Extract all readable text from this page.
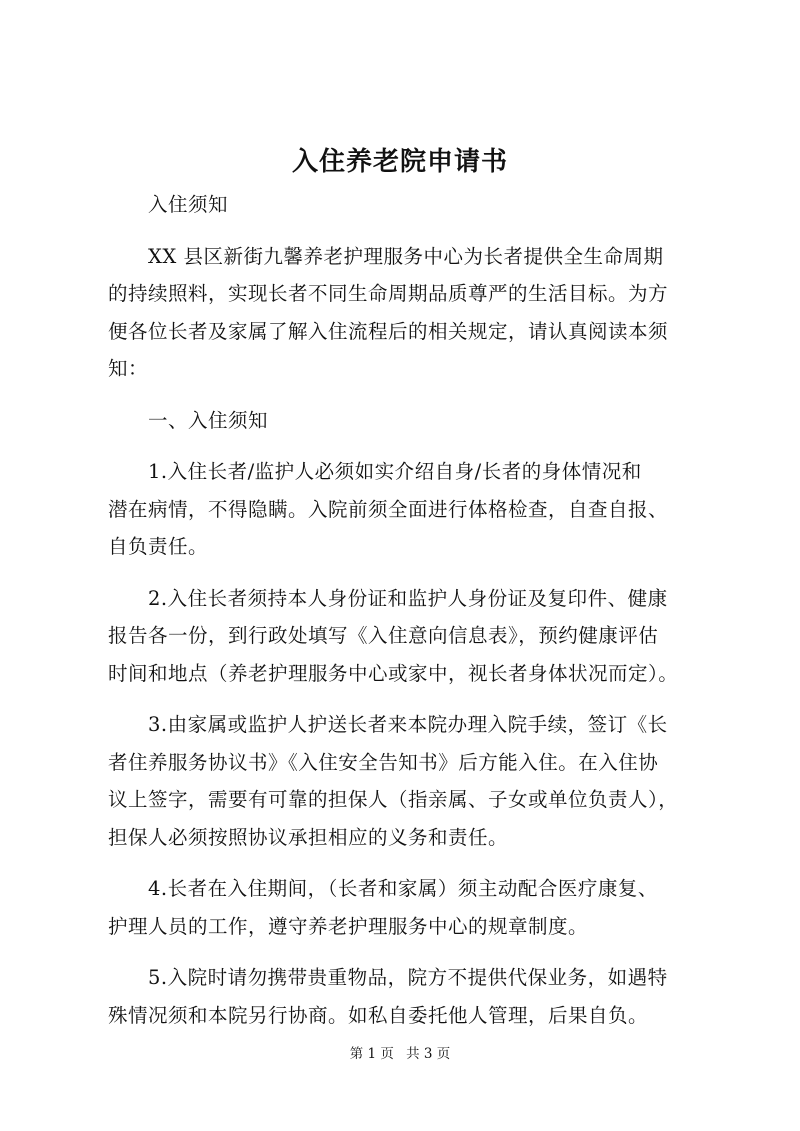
入住养老院申请书
入住须知
XX 县区新街九馨养老护理服务中心为长者提供全生命周期
的持续照料，实现长者不同生命周期品质尊严的生活目标。为方
便各位长者及家属了解入住流程后的相关规定，请认真阅读本须
知：
一、入住须知
1.入住长者/监护人必须如实介绍自身/长者的身体情况和
潜在病情，不得隐瞒。入院前须全面进行体格检查，自查自报、
自负责任。
2.入住长者须持本人身份证和监护人身份证及复印件、健康
报告各一份，到行政处填写《入住意向信息表》，预约健康评估
时间和地点（养老护理服务中心或家中，视长者身体状况而定）。
3.由家属或监护人护送长者来本院办理入院手续，签订《长
者住养服务协议书》《入住安全告知书》后方能入住。在入住协
议上签字，需要有可靠的担保人（指亲属、子女或单位负责人），
担保人必须按照协议承担相应的义务和责任。
4.长者在入住期间，（长者和家属）须主动配合医疗康复、
护理人员的工作，遵守养老护理服务中心的规章制度。
5.入院时请勿携带贵重物品，院方不提供代保业务，如遇特
殊情况须和本院另行协商。如私自委托他人管理，后果自负。
第 1 页 共 3 页
